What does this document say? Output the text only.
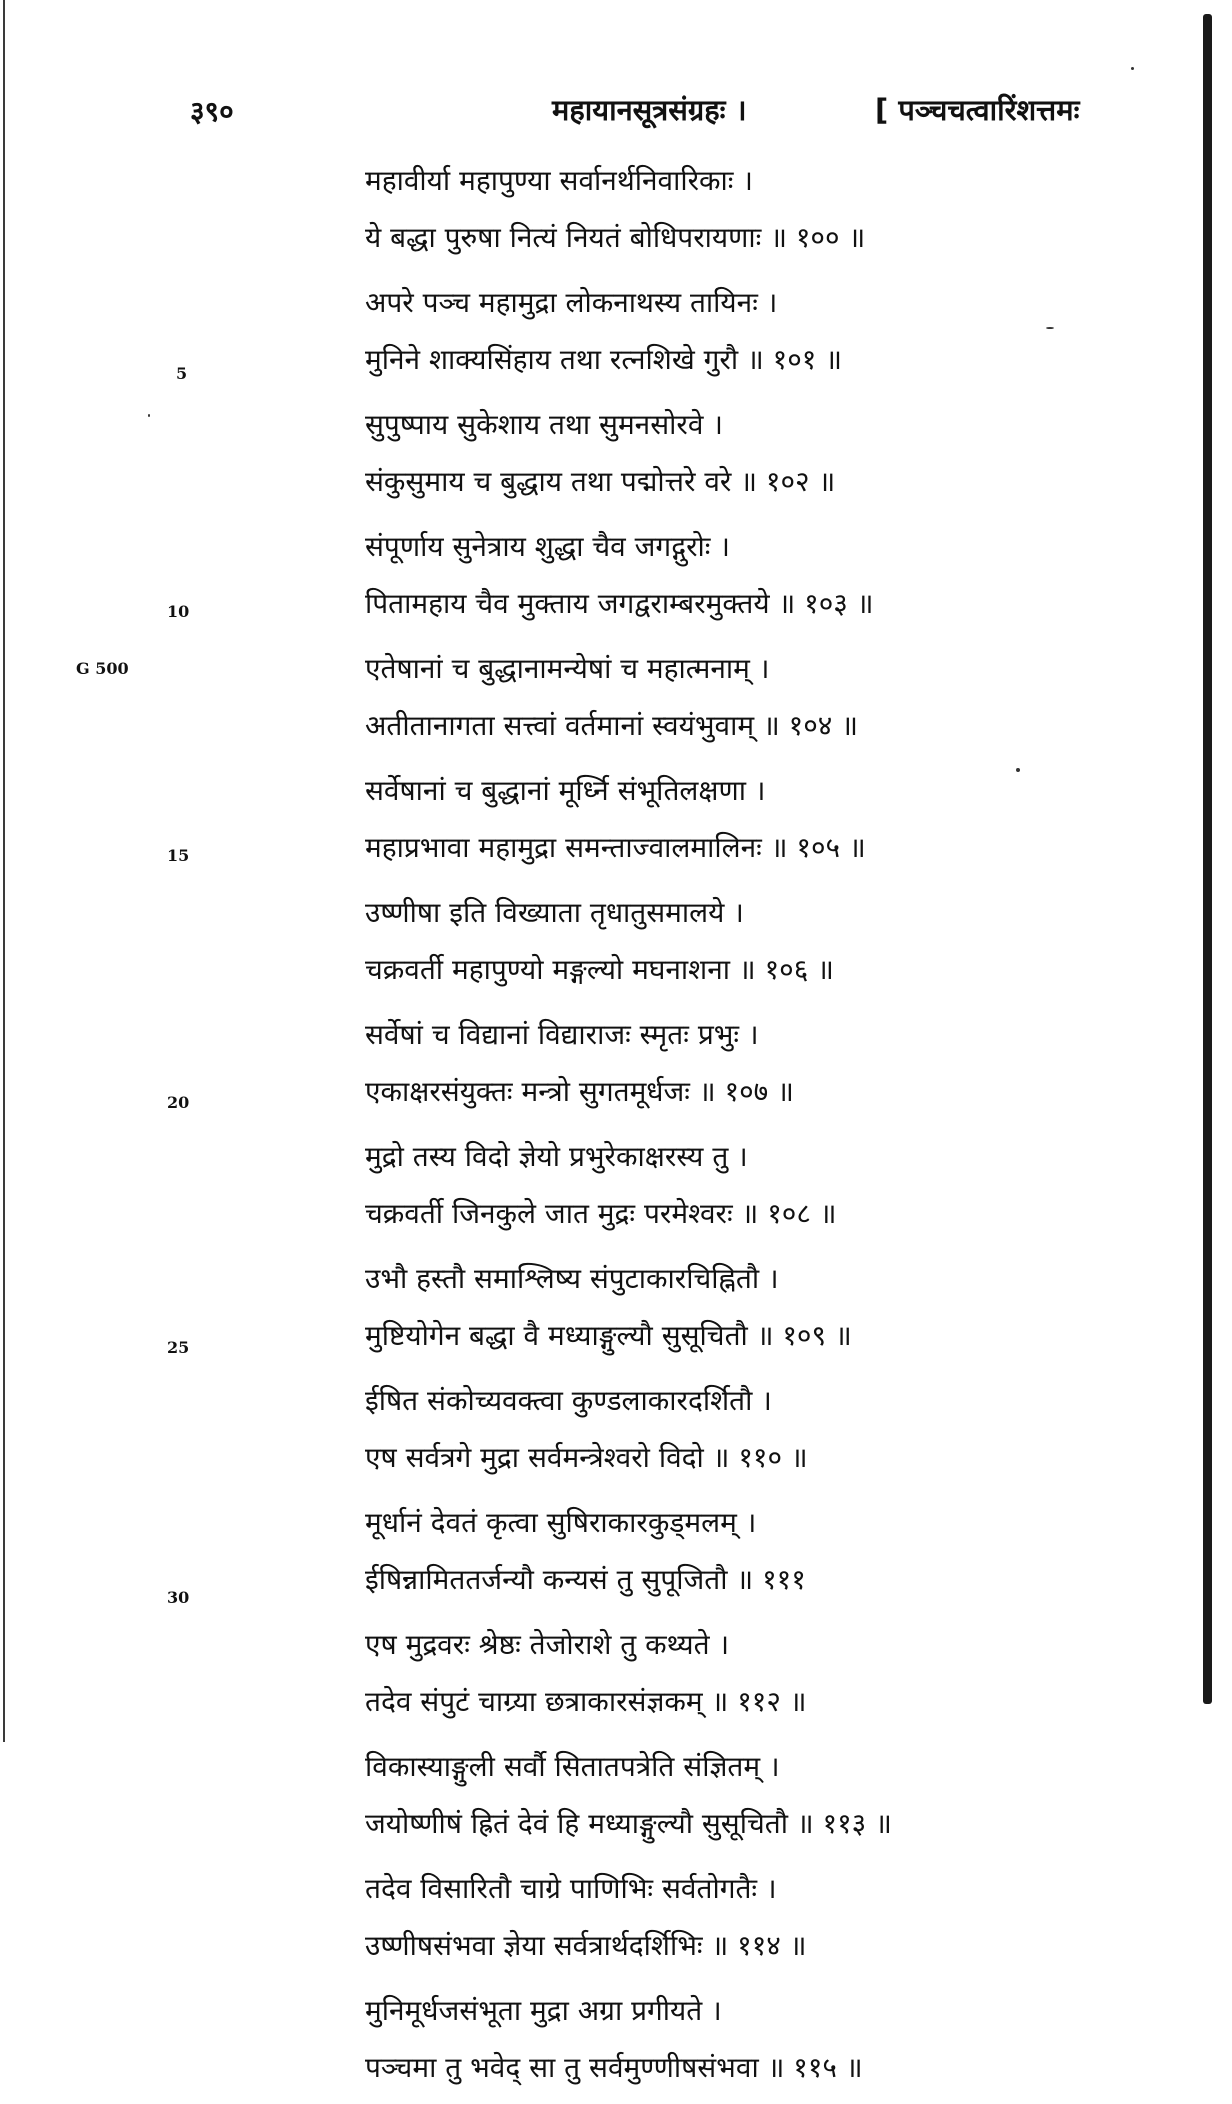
३९०	महायानसूत्रसंग्रहः ।	[ पञ्चचत्वारिंशत्तमः
5
10
15
20
25
30
G 500
महावीर्या महापुण्या सर्वानर्थनिवारिकाः ।
ये बद्धा पुरुषा नित्यं नियतं बोधिपरायणाः ॥ १०० ॥
अपरे पञ्च महामुद्रा लोकनाथस्य तायिनः ।
मुनिने शाक्यसिंहाय तथा रत्नशिखे गुरौ ॥ १०१ ॥
सुपुष्पाय सुकेशाय तथा सुमनसोरवे ।
संकुसुमाय च बुद्धाय तथा पद्मोत्तरे वरे ॥ १०२ ॥
संपूर्णाय सुनेत्राय शुद्धा चैव जगद्गुरोः ।
पितामहाय चैव मुक्ताय जगद्वराम्बरमुक्तये ॥ १०३ ॥
एतेषानां च बुद्धानामन्येषां च महात्मनाम् ।
अतीतानागता सत्त्वां वर्तमानां स्वयंभुवाम् ॥ १०४ ॥
सर्वेषानां च बुद्धानां मूर्ध्नि संभूतिलक्षणा ।
महाप्रभावा महामुद्रा समन्ताज्वालमालिनः ॥ १०५ ॥
उष्णीषा इति विख्याता तृधातुसमालये ।
चक्रवर्ती महापुण्यो मङ्गल्यो मघनाशना ॥ १०६ ॥
सर्वेषां च विद्यानां विद्याराजः स्मृतः प्रभुः ।
एकाक्षरसंयुक्तः मन्त्रो सुगतमूर्धजः ॥ १०७ ॥
मुद्रो तस्य विदो ज्ञेयो प्रभुरेकाक्षरस्य तु ।
चक्रवर्ती जिनकुले जात मुद्रः परमेश्वरः ॥ १०८ ॥
उभौ हस्तौ समाश्लिष्य संपुटाकारचिह्नितौ ।
मुष्टियोगेन बद्धा वै मध्याङ्गुल्यौ सुसूचितौ ॥ १०९ ॥
ईषित संकोच्यवक्त्वा कुण्डलाकारदर्शितौ ।
एष सर्वत्रगे मुद्रा सर्वमन्त्रेश्वरो विदो ॥ ११० ॥
मूर्धानं देवतं कृत्वा सुषिराकारकुड्मलम् ।
ईषिन्नामिततर्जन्यौ कन्यसं तु सुपूजितौ ॥ १११
एष मुद्रवरः श्रेष्ठः तेजोराशे तु कथ्यते ।
तदेव संपुटं चाग्र्या छत्राकारसंज्ञकम् ॥ ११२ ॥
विकास्याङ्गुली सर्वौ सितातपत्रेति संज्ञितम् ।
जयोष्णीषं ह्रितं देवं हि मध्याङ्गुल्यौ सुसूचितौ ॥ ११३ ॥
तदेव विसारितौ चाग्रे पाणिभिः सर्वतोगतैः ।
उष्णीषसंभवा ज्ञेया सर्वत्रार्थदर्शिभिः ॥ ११४ ॥
मुनिमूर्धजसंभूता मुद्रा अग्रा प्रगीयते ।
पञ्चमा तु भवेद् सा तु सर्वमुण्णीषसंभवा ॥ ११५ ॥
